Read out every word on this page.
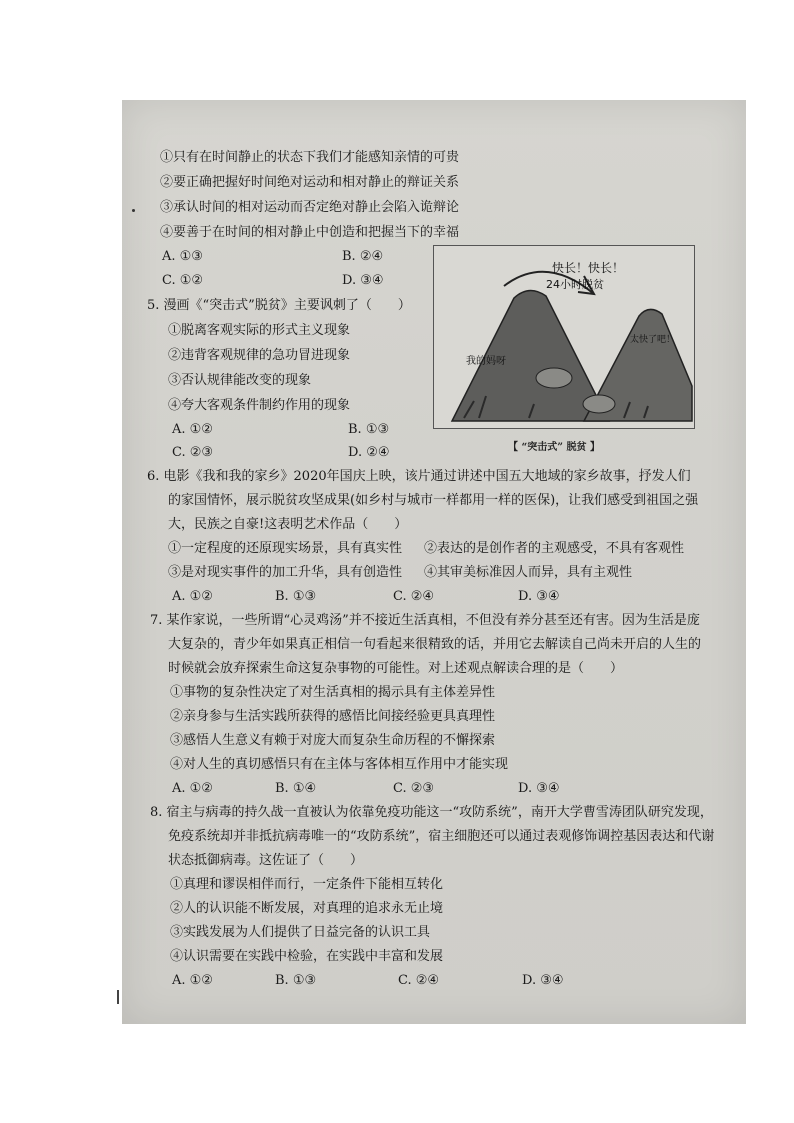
①只有在时间静止的状态下我们才能感知亲情的可贵
②要正确把握好时间绝对运动和相对静止的辩证关系
③承认时间的相对运动而否定绝对静止会陷入诡辩论
④要善于在时间的相对静止中创造和把握当下的幸福
A. ①③	B. ②④
C. ①②	D. ③④
5. 漫画《“突击式”脱贫》主要讽刺了（　　）
①脱离客观实际的形式主义现象
②违背客观规律的急功冒进现象
③否认规律能改变的现象
④夸大客观条件制约作用的现象
A. ①②	B. ①③
C. ②③	D. ②④
快长！快长！
24小时脱贫
我的妈呀
太快了吧！
【 “突击式” 脱贫 】
6. 电影《我和我的家乡》2020年国庆上映，该片通过讲述中国五大地域的家乡故事，抒发人们
的家国情怀，展示脱贫攻坚成果(如乡村与城市一样都用一样的医保)，让我们感受到祖国之强
大，民族之自豪!这表明艺术作品（　　）
①一定程度的还原现实场景，具有真实性 ②表达的是创作者的主观感受，不具有客观性
③是对现实事件的加工升华，具有创造性 ④其审美标准因人而异，具有主观性
A. ①②	B. ①③	C. ②④	D. ③④
7. 某作家说，一些所谓“心灵鸡汤”并不接近生活真相，不但没有养分甚至还有害。因为生活是庞
大复杂的，青少年如果真正相信一句看起来很精致的话，并用它去解读自己尚未开启的人生的
时候就会放弃探索生命这复杂事物的可能性。对上述观点解读合理的是（　　）
①事物的复杂性决定了对生活真相的揭示具有主体差异性
②亲身参与生活实践所获得的感悟比间接经验更具真理性
③感悟人生意义有赖于对庞大而复杂生命历程的不懈探索
④对人生的真切感悟只有在主体与客体相互作用中才能实现
A. ①②	B. ①④	C. ②③	D. ③④
8. 宿主与病毒的持久战一直被认为依靠免疫功能这一“攻防系统”，南开大学曹雪涛团队研究发现，
免疫系统却并非抵抗病毒唯一的“攻防系统”，宿主细胞还可以通过表观修饰调控基因表达和代谢
状态抵御病毒。这佐证了（　　）
①真理和谬误相伴而行，一定条件下能相互转化
②人的认识能不断发展，对真理的追求永无止境
③实践发展为人们提供了日益完备的认识工具
④认识需要在实践中检验，在实践中丰富和发展
A. ①②	B. ①③	C. ②④	D. ③④
